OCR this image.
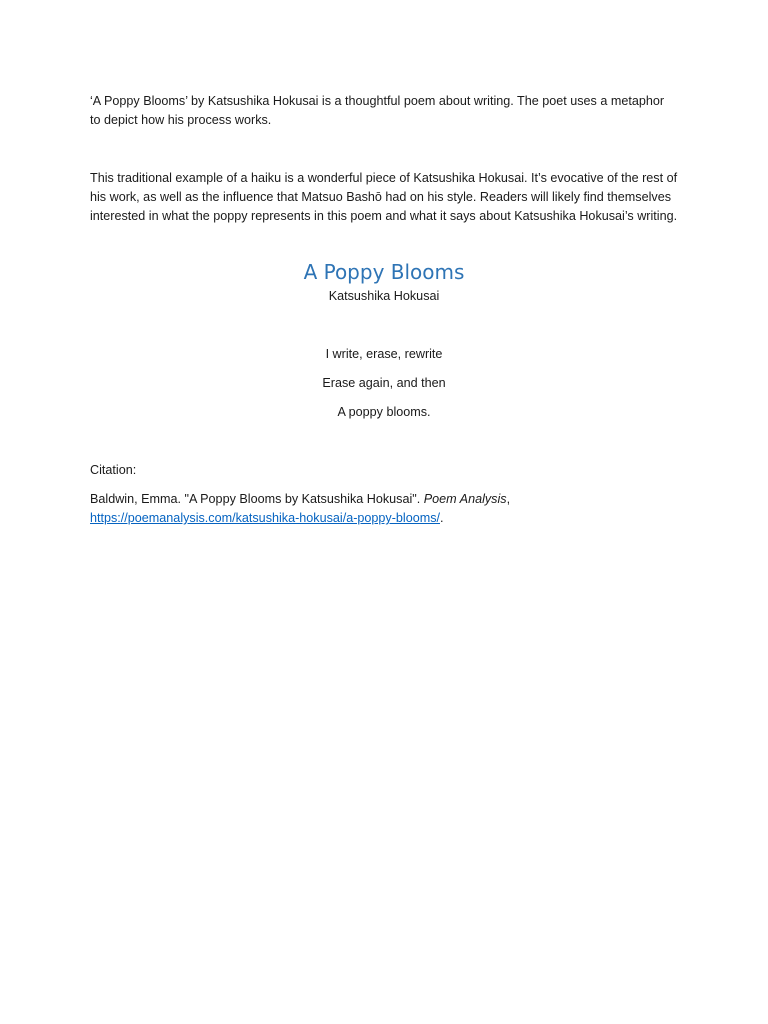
‘A Poppy Blooms’ by Katsushika Hokusai is a thoughtful poem about writing. The poet uses a metaphor to depict how his process works.

This traditional example of a haiku is a wonderful piece of Katsushika Hokusai. It’s evocative of the rest of his work, as well as the influence that Matsuo Bashō had on his style. Readers will likely find themselves interested in what the poppy represents in this poem and what it says about Katsushika Hokusai’s writing.

A Poppy Blooms

Katsushika Hokusai

I write, erase, rewrite

Erase again, and then

A poppy blooms.

Citation:

Baldwin, Emma. "A Poppy Blooms by Katsushika Hokusai". Poem Analysis,
https://poemanalysis.com/katsushika-hokusai/a-poppy-blooms/.
